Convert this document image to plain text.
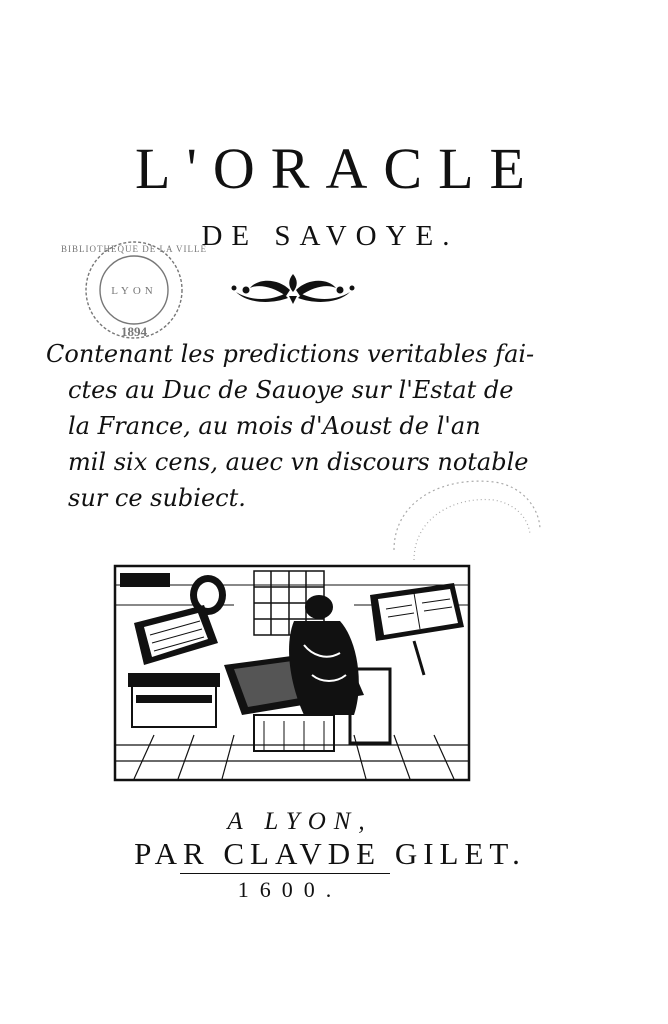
L'ORACLE
DE SAVOYE.
BIBLIOTHEQUE DE LA VILLE
LYON
1894
Contenant les predictions veritables fai-
ctes au Duc de Sauoye sur l'Estat de
la France, au mois d'Aoust de l'an
mil six cens, auec vn discours notable
sur ce subiect.
A LYON,
PAR CLAVDE GILET.
1600.
